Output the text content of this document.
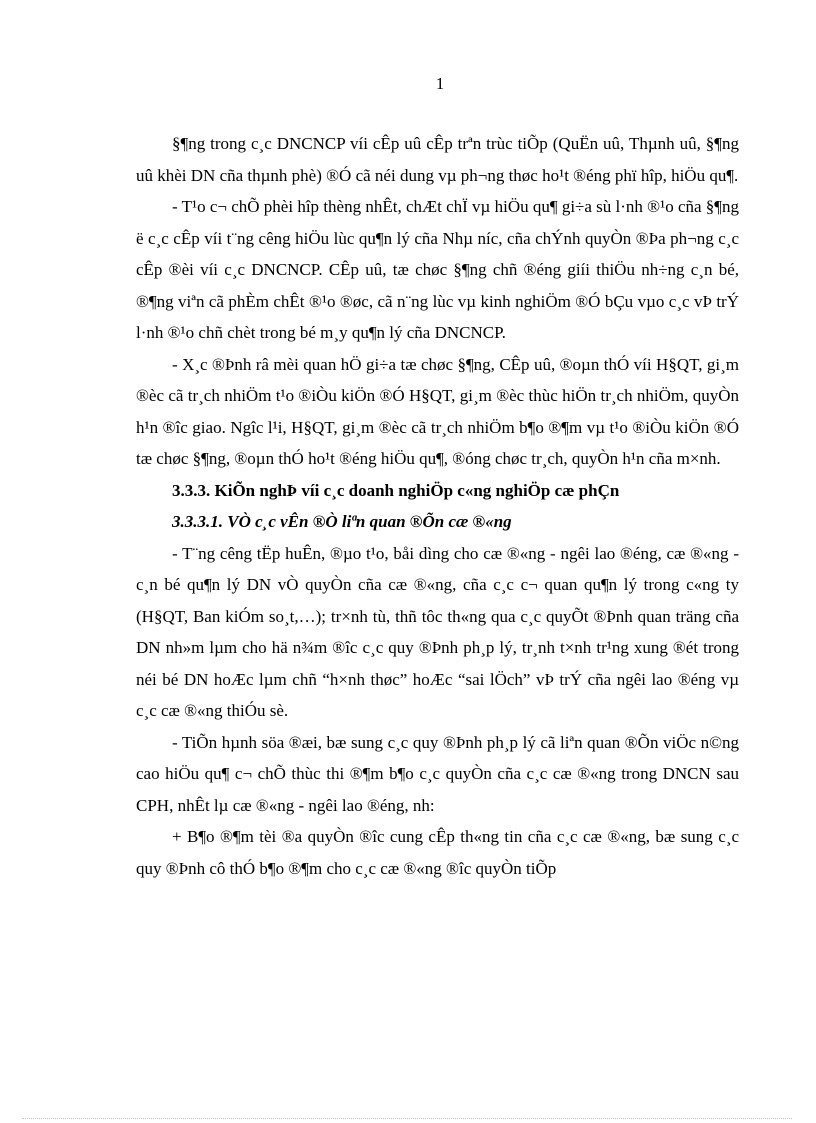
1

§¶ng trong c¸c DNCNCP víi cÊp uû cÊp trªn trùc tiÕp (QuËn uû, Thµnh uû, §¶ng uû khèi DN cña thµnh phè) ®Ó cã néi dung vµ ph¬ng thøc ho¹t ®éng phï hîp, hiÖu qu¶.

- T¹o c¬ chÕ phèi hîp thèng nhÊt, chÆt chÏ vµ hiÖu qu¶ gi÷a sù l·nh ®¹o cña §¶ng ë c¸c cÊp víi t¨ng cêng hiÖu lùc qu¶n lý cña Nhµ níc, cña chÝnh quyÒn ®Þa ph¬ng c¸c cÊp ®èi víi c¸c DNCNCP. CÊp uû, tæ chøc §¶ng chñ ®éng giíi thiÖu nh÷ng c¸n bé, ®¶ng viªn cã phÈm chÊt ®¹o ®øc, cã n¨ng lùc vµ kinh nghiÖm ®Ó bÇu vµo c¸c vÞ trÝ l·nh ®¹o chñ chèt trong bé m¸y qu¶n lý cña DNCNCP.

- X¸c ®Þnh râ mèi quan hÖ gi÷a tæ chøc §¶ng, CÊp uû, ®oµn thÓ víi H§QT, gi¸m ®èc cã tr¸ch nhiÖm t¹o ®iÒu kiÖn ®Ó H§QT, gi¸m ®èc thùc hiÖn tr¸ch nhiÖm, quyÒn h¹n ®îc giao. Ngîc l¹i, H§QT, gi¸m ®èc cã tr¸ch nhiÖm b¶o ®¶m vµ t¹o ®iÒu kiÖn ®Ó tæ chøc §¶ng, ®oµn thÓ ho¹t ®éng hiÖu qu¶, ®óng chøc tr¸ch, quyÒn h¹n cña m×nh.

3.3.3. KiÕn nghÞ víi c¸c doanh nghiÖp c«ng nghiÖp cæ phÇn
3.3.3.1. VÒ c¸c vÊn ®Ò liªn quan ®Õn cæ ®«ng

- T¨ng cêng tËp huÊn, ®µo t¹o, båi dìng cho cæ ®«ng - ngêi lao ®éng, cæ ®«ng - c¸n bé qu¶n lý DN vÒ quyÒn cña cæ ®«ng, cña c¸c c¬ quan qu¶n lý trong c«ng ty (H§QT, Ban kiÓm so¸t,…); tr×nh tù, thñ tôc th«ng qua c¸c quyÕt ®Þnh quan träng cña DN nh»m lµm cho hä n¾m ®îc c¸c quy ®Þnh ph¸p lý, tr¸nh t×nh tr¹ng xung ®ét trong néi bé DN hoÆc lµm chñ “h×nh thøc” hoÆc “sai lÖch” vÞ trÝ cña ngêi lao ®éng vµ c¸c cæ ®«ng thiÓu sè.

- TiÕn hµnh söa ®æi, bæ sung c¸c quy ®Þnh ph¸p lý cã liªn quan ®Õn viÖc n©ng cao hiÖu qu¶ c¬ chÕ thùc thi ®¶m b¶o c¸c quyÒn cña c¸c cæ ®«ng trong DNCN sau CPH, nhÊt lµ cæ ®«ng - ngêi lao ®éng, nh:

+ B¶o ®¶m tèi ®a quyÒn ®îc cung cÊp th«ng tin cña c¸c cæ ®«ng, bæ sung c¸c quy ®Þnh cô thÓ b¶o ®¶m cho c¸c cæ ®«ng ®îc quyÒn tiÕp
